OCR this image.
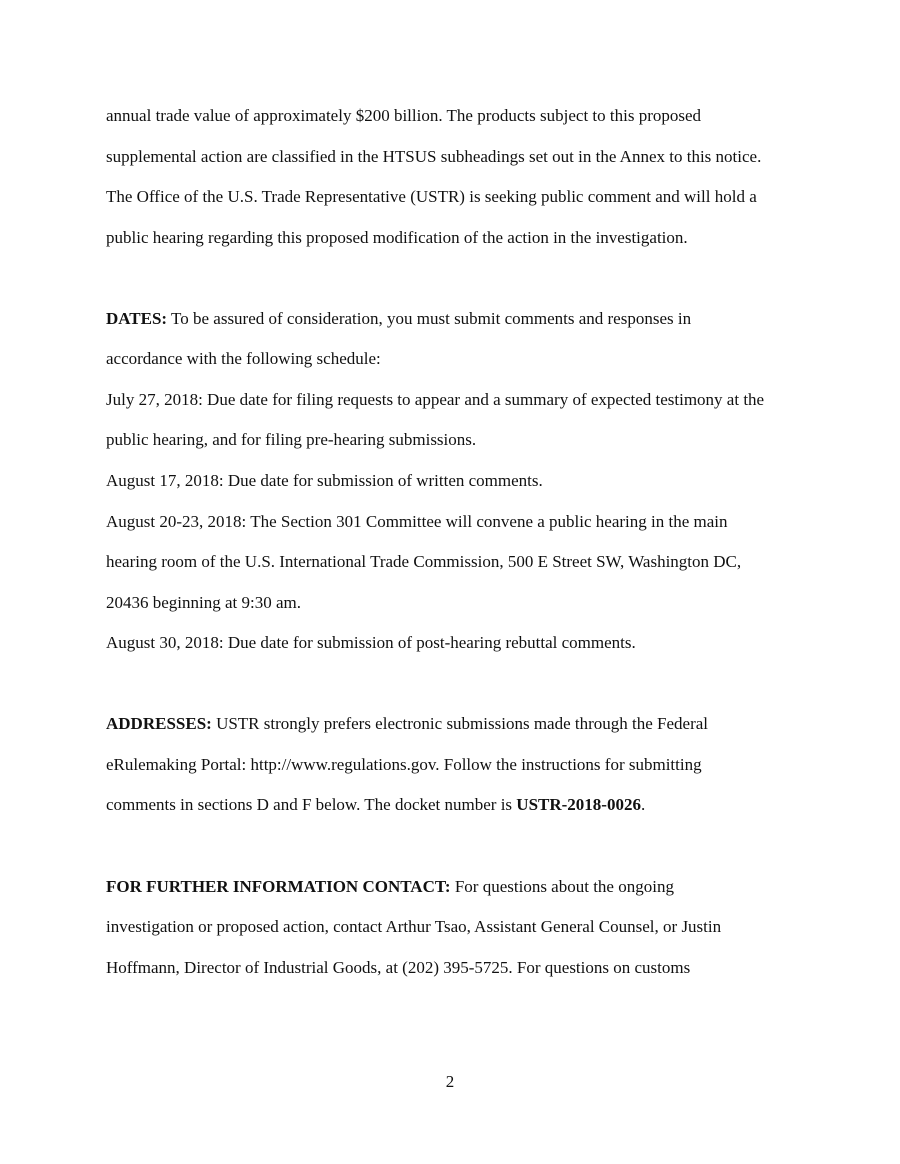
annual trade value of approximately $200 billion. The products subject to this proposed
supplemental action are classified in the HTSUS subheadings set out in the Annex to this notice.
The Office of the U.S. Trade Representative (USTR) is seeking public comment and will hold a
public hearing regarding this proposed modification of the action in the investigation.
DATES: To be assured of consideration, you must submit comments and responses in
accordance with the following schedule:
July 27, 2018: Due date for filing requests to appear and a summary of expected testimony at the
public hearing, and for filing pre-hearing submissions.
August 17, 2018: Due date for submission of written comments.
August 20-23, 2018: The Section 301 Committee will convene a public hearing in the main
hearing room of the U.S. International Trade Commission, 500 E Street SW, Washington DC,
20436 beginning at 9:30 am.
August 30, 2018: Due date for submission of post-hearing rebuttal comments.
ADDRESSES: USTR strongly prefers electronic submissions made through the Federal
eRulemaking Portal: http://www.regulations.gov. Follow the instructions for submitting
comments in sections D and F below. The docket number is USTR-2018-0026.
FOR FURTHER INFORMATION CONTACT: For questions about the ongoing
investigation or proposed action, contact Arthur Tsao, Assistant General Counsel, or Justin
Hoffmann, Director of Industrial Goods, at (202) 395-5725. For questions on customs
2
